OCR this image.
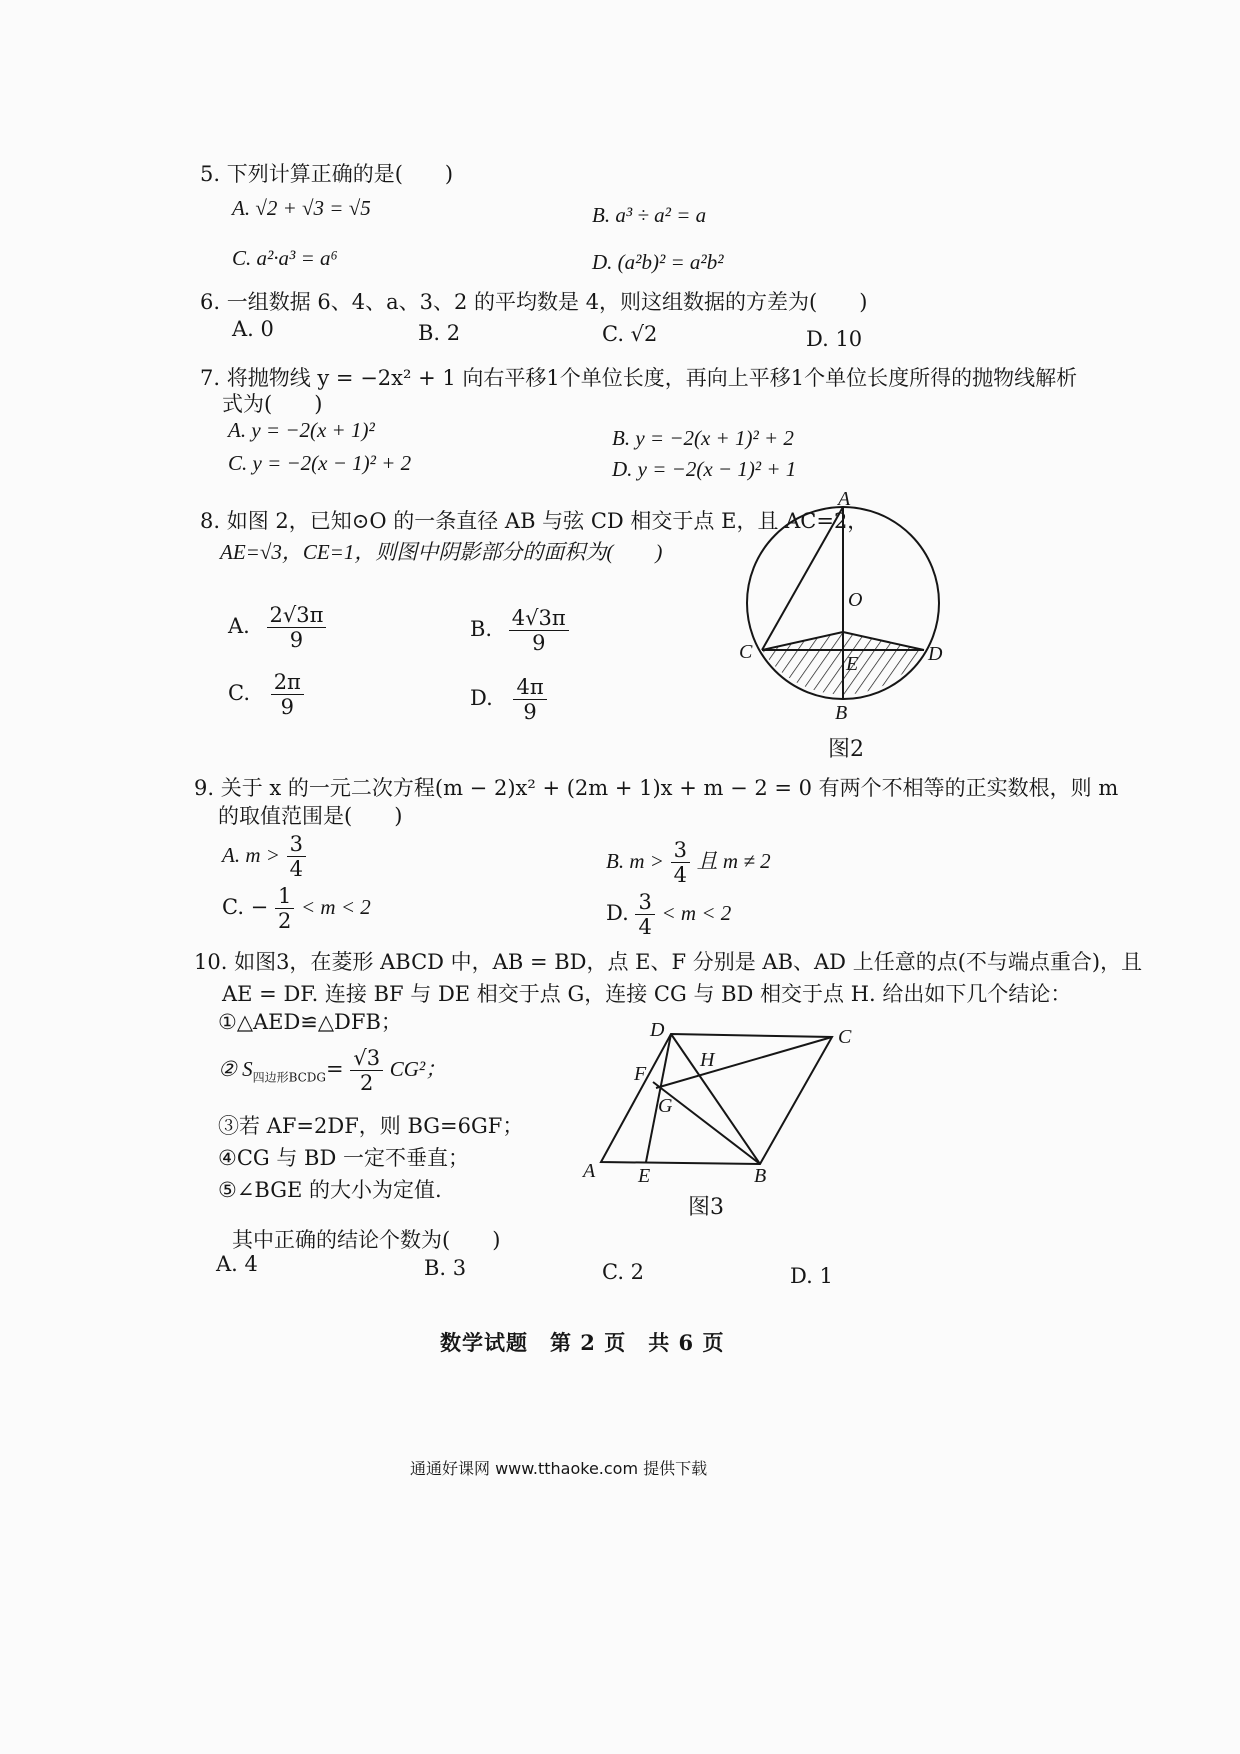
5. 下列计算正确的是(　　)
A. √2 + √3 = √5	B. a³ ÷ a² = a
C. a²·a³ = a⁶	D. (a²b)² = a²b²
6. 一组数据 6、4、a、3、2 的平均数是 4，则这组数据的方差为(　　)
A. 0	B. 2	C. √2	D. 10
7. 将抛物线 y = −2x² + 1 向右平移1个单位长度，再向上平移1个单位长度所得的抛物线解析
式为(　　)
A. y = −2(x + 1)²	B. y = −2(x + 1)² + 2
C. y = −2(x − 1)² + 2	D. y = −2(x − 1)² + 1
8. 如图 2，已知⊙O 的一条直径 AB 与弦 CD 相交于点 E，且 AC=2，
AE=√3，CE=1，则图中阴影部分的面积为(　　)
A. $\frac{2√3\pi}{9}$	B. $\frac{4√3\pi}{9}$
C. $\frac{2\pi}{9}$	D. $\frac{4\pi}{9}$
A
O
C	D
E
B
图2
9. 关于 x 的一元二次方程(m − 2)x² + (2m + 1)x + m − 2 = 0 有两个不相等的正实数根，则 m
的取值范围是(　　)
A. $m > \frac{3}{4}$	B. $m > \frac{3}{4}$ 且 m ≠ 2
C. − $\frac{1}{2} < m < 2$	D. $\frac{3}{4} < m < 2$
10. 如图3，在菱形 ABCD 中，AB = BD，点 E、F 分别是 AB、AD 上任意的点(不与端点重合)，且
AE = DF. 连接 BF 与 DE 相交于点 G，连接 CG 与 BD 相交于点 H. 给出如下几个结论：
①△AED≌△DFB；
② $S_{四边形BCDG}= \frac{√3}{2} CG^2$；
③若 AF=2DF，则 BG=6GF；
④CG 与 BD 一定不垂直；
⑤∠BGE 的大小为定值.
D	C
H
F
G
A E	B
图3
其中正确的结论个数为(　　)
A. 4	B. 3	C. 2	D. 1
数学试题　第 2 页　共 6 页
通通好课网 www.tthaoke.com 提供下载
